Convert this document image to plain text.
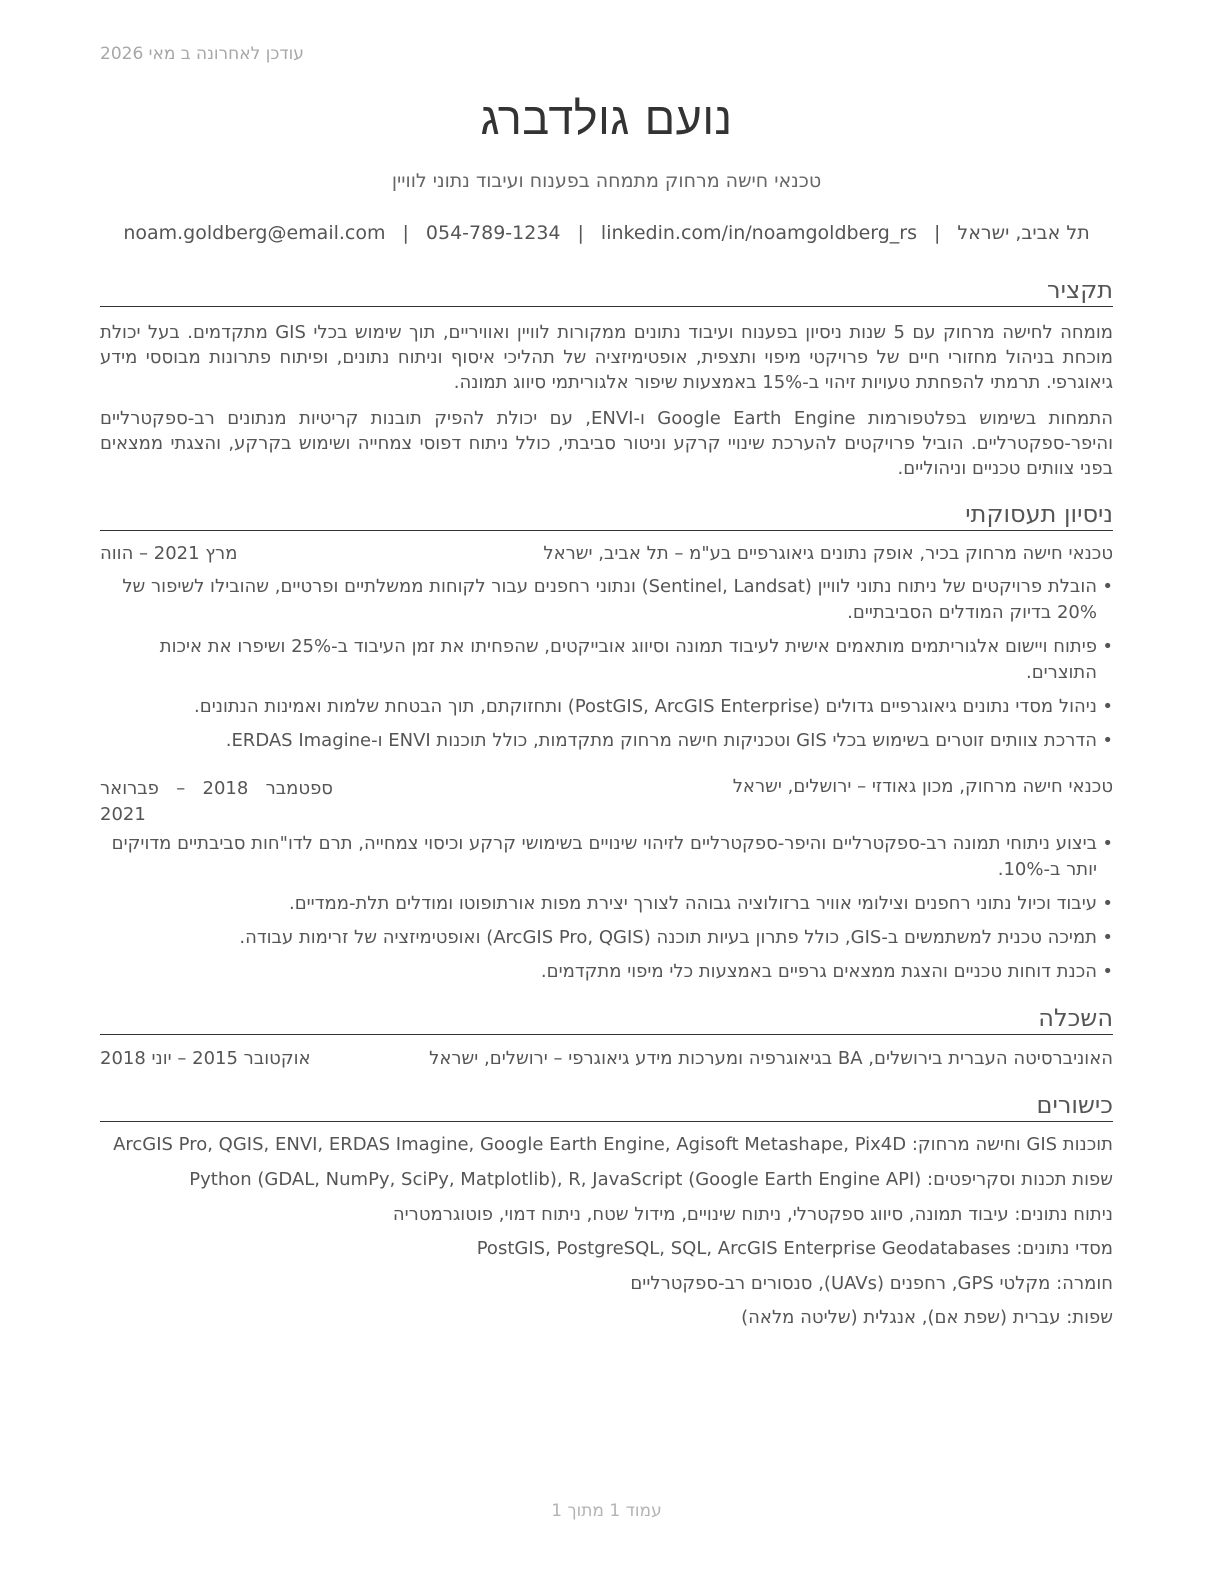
עודכן לאחרונה ב מאי 2026
נועם גולדברג
טכנאי חישה מרחוק מתמחה בפענוח ועיבוד נתוני לוויין
תל אביב, ישראל|noam.goldberg@email.com | 054-789-1234 | linkedin.com/in/noamgoldberg_rs
תקציר
מומחה לחישה מרחוק עם 5 שנות ניסיון בפענוח ועיבוד נתונים ממקורות לוויין ואוויריים, תוך שימוש בכלי GIS מתקדמים. בעל יכולת מוכחת בניהול מחזורי חיים של פרויקטי מיפוי ותצפית, אופטימיזציה של תהליכי איסוף וניתוח נתונים, ופיתוח פתרונות מבוססי מידע גיאוגרפי. תרמתי להפחתת טעויות זיהוי ב-15% באמצעות שיפור אלגוריתמי סיווג תמונה.
התמחות בשימוש בפלטפורמות Google Earth Engine ו-ENVI, עם יכולת להפיק תובנות קריטיות מנתונים רב-ספקטרליים והיפר-ספקטרליים. הוביל פרויקטים להערכת שינויי קרקע וניטור סביבתי, כולל ניתוח דפוסי צמחייה ושימוש בקרקע, והצגתי ממצאים בפני צוותים טכניים וניהוליים.
ניסיון תעסוקתי
טכנאי חישה מרחוק בכיר, אופק נתונים גיאוגרפיים בע"מ – תל אביב, ישראל
מרץ 2021 – הווה
• הובלת פרויקטים של ניתוח נתוני לוויין (Sentinel, Landsat) ונתוני רחפנים עבור לקוחות ממשלתיים ופרטיים, שהובילו לשיפור של 20% בדיוק המודלים הסביבתיים.
• פיתוח ויישום אלגוריתמים מותאמים אישית לעיבוד תמונה וסיווג אובייקטים, שהפחיתו את זמן העיבוד ב-25% ושיפרו את איכות התוצרים.
• ניהול מסדי נתונים גיאוגרפיים גדולים (PostGIS, ArcGIS Enterprise) ותחזוקתם, תוך הבטחת שלמות ואמינות הנתונים.
• הדרכת צוותים זוטרים בשימוש בכלי GIS וטכניקות חישה מרחוק מתקדמות, כולל תוכנות ENVI ו-ERDAS Imagine.
טכנאי חישה מרחוק, מכון גאודזי – ירושלים, ישראל
ספטמבר 2018 – פברואר 2021
• ביצוע ניתוחי תמונה רב-ספקטרליים והיפר-ספקטרליים לזיהוי שינויים בשימושי קרקע וכיסוי צמחייה, תרם לדו"חות סביבתיים מדויקים יותר ב-10%.
• עיבוד וכיול נתוני רחפנים וצילומי אוויר ברזולוציה גבוהה לצורך יצירת מפות אורתופוטו ומודלים תלת-ממדיים.
• תמיכה טכנית למשתמשים ב-GIS, כולל פתרון בעיות תוכנה (ArcGIS Pro, QGIS) ואופטימיזציה של זרימות עבודה.
• הכנת דוחות טכניים והצגת ממצאים גרפיים באמצעות כלי מיפוי מתקדמים.
השכלה
האוניברסיטה העברית בירושלים, BA בגיאוגרפיה ומערכות מידע גיאוגרפי – ירושלים, ישראל
אוקטובר 2015 – יוני 2018
כישורים
תוכנות GIS וחישה מרחוק: ArcGIS Pro, QGIS, ENVI, ERDAS Imagine, Google Earth Engine, Agisoft Metashape, Pix4D
שפות תכנות וסקריפטים: Python (GDAL, NumPy, SciPy, Matplotlib), R, JavaScript (Google Earth Engine API)
ניתוח נתונים: עיבוד תמונה, סיווג ספקטרלי, ניתוח שינויים, מידול שטח, ניתוח דמוי, פוטוגרמטריה
מסדי נתונים: PostGIS, PostgreSQL, SQL, ArcGIS Enterprise Geodatabases
חומרה: מקלטי GPS, רחפנים (UAVs), סנסורים רב-ספקטרליים
שפות: עברית (שפת אם), אנגלית (שליטה מלאה)
עמוד 1 מתוך 1
